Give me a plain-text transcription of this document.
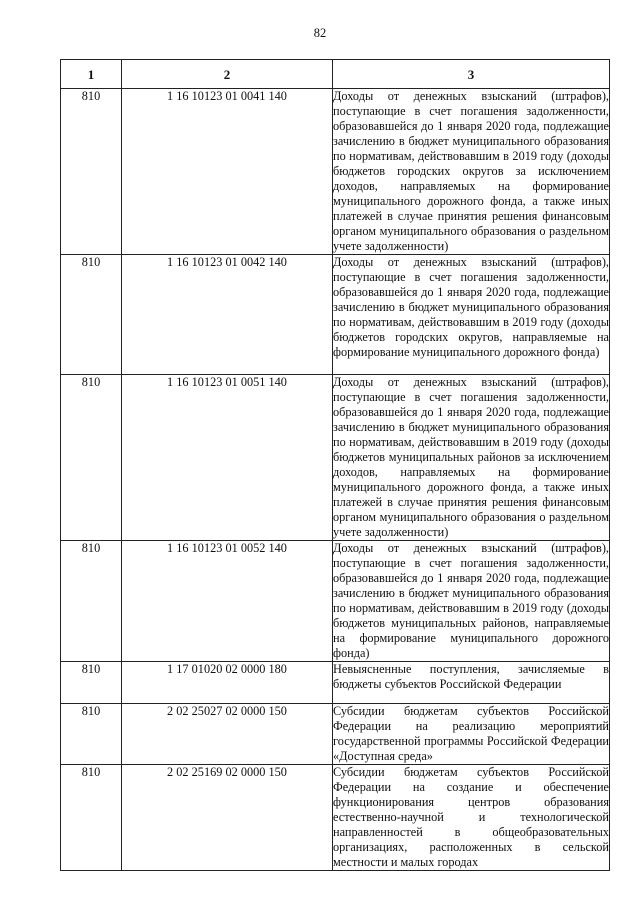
82
1	2	3
810	1 16 10123 01 0041 140	Доходы от денежных взысканий (штрафов), поступающие в счет погашения задолженности, образовавшейся до 1 января 2020 года, подлежащие зачислению в бюджет муниципального образования по нормативам, действовавшим в 2019 году (доходы бюджетов городских округов за исключением доходов, направляемых на формирование муниципального дорожного фонда, а также иных платежей в случае принятия решения финансовым органом муниципального образования о раздельном учете задолженности)
810	1 16 10123 01 0042 140	Доходы от денежных взысканий (штрафов), поступающие в счет погашения задолженности, образовавшейся до 1 января 2020 года, подлежащие зачислению в бюджет муниципального образования по нормативам, действовавшим в 2019 году (доходы бюджетов городских округов, направляемые на формирование муниципального дорожного фонда)
810	1 16 10123 01 0051 140	Доходы от денежных взысканий (штрафов), поступающие в счет погашения задолженности, образовавшейся до 1 января 2020 года, подлежащие зачислению в бюджет муниципального образования по нормативам, действовавшим в 2019 году (доходы бюджетов муниципальных районов за исключением доходов, направляемых на формирование муниципального дорожного фонда, а также иных платежей в случае принятия решения финансовым органом муниципального образования о раздельном учете задолженности)
810	1 16 10123 01 0052 140	Доходы от денежных взысканий (штрафов), поступающие в счет погашения задолженности, образовавшейся до 1 января 2020 года, подлежащие зачислению в бюджет муниципального образования по нормативам, действовавшим в 2019 году (доходы бюджетов муниципальных районов, направляемые на формирование муниципального дорожного фонда)
810	1 17 01020 02 0000 180	Невыясненные поступления, зачисляемые в бюджеты субъектов Российской Федерации
810	2 02 25027 02 0000 150	Субсидии бюджетам субъектов Российской Федерации на реализацию мероприятий государственной программы Российской Федерации «Доступная среда»
810	2 02 25169 02 0000 150	Субсидии бюджетам субъектов Российской Федерации на создание и обеспечение функционирования центров образования естественно-научной и технологической направленностей в общеобразовательных организациях, расположенных в сельской местности и малых городах
